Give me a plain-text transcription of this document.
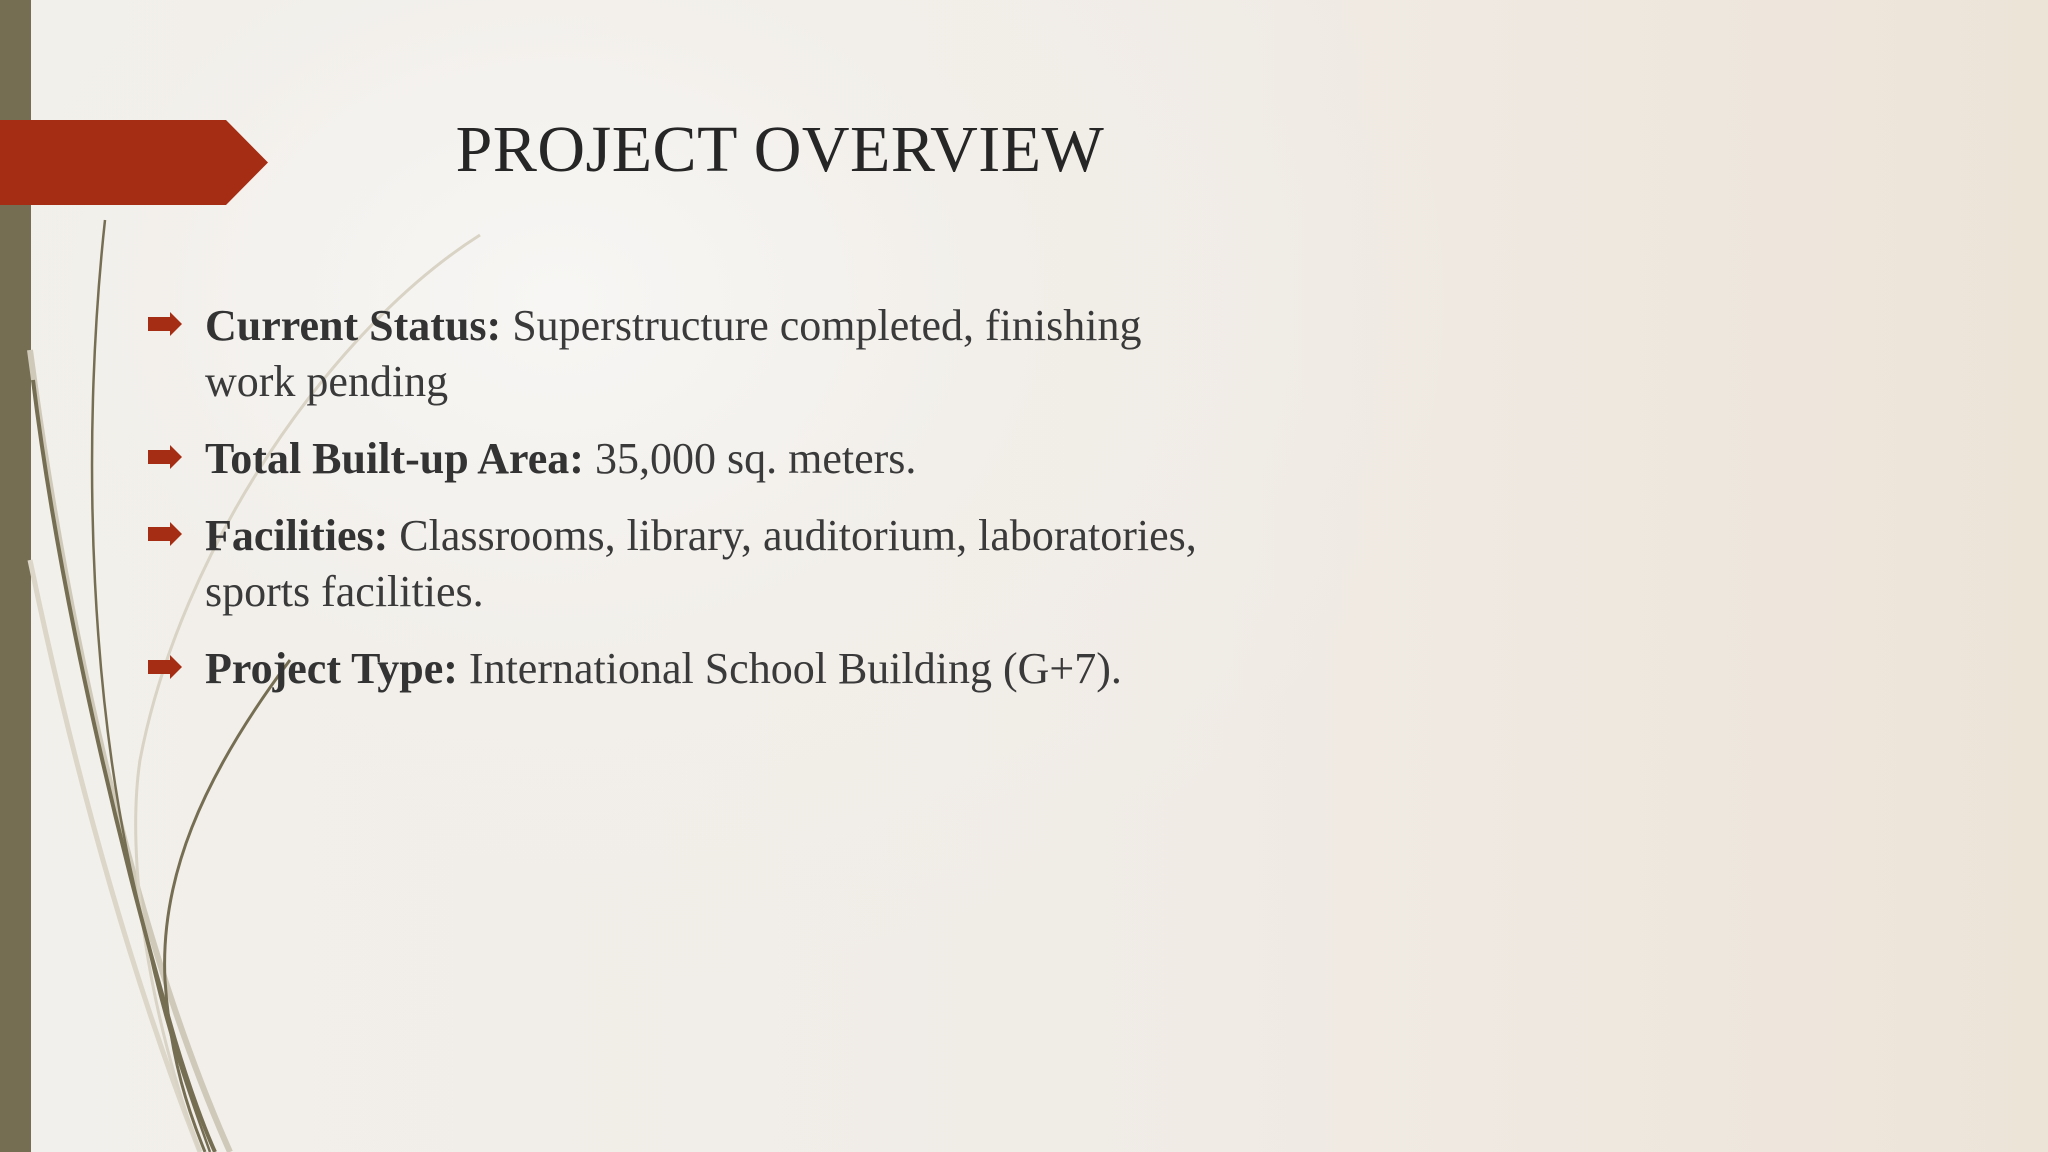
PROJECT OVERVIEW
Current Status: Superstructure completed, finishing work pending
Total Built-up Area: 35,000 sq. meters.
Facilities: Classrooms, library, auditorium, laboratories, sports facilities.
Project Type: International School Building (G+7).
